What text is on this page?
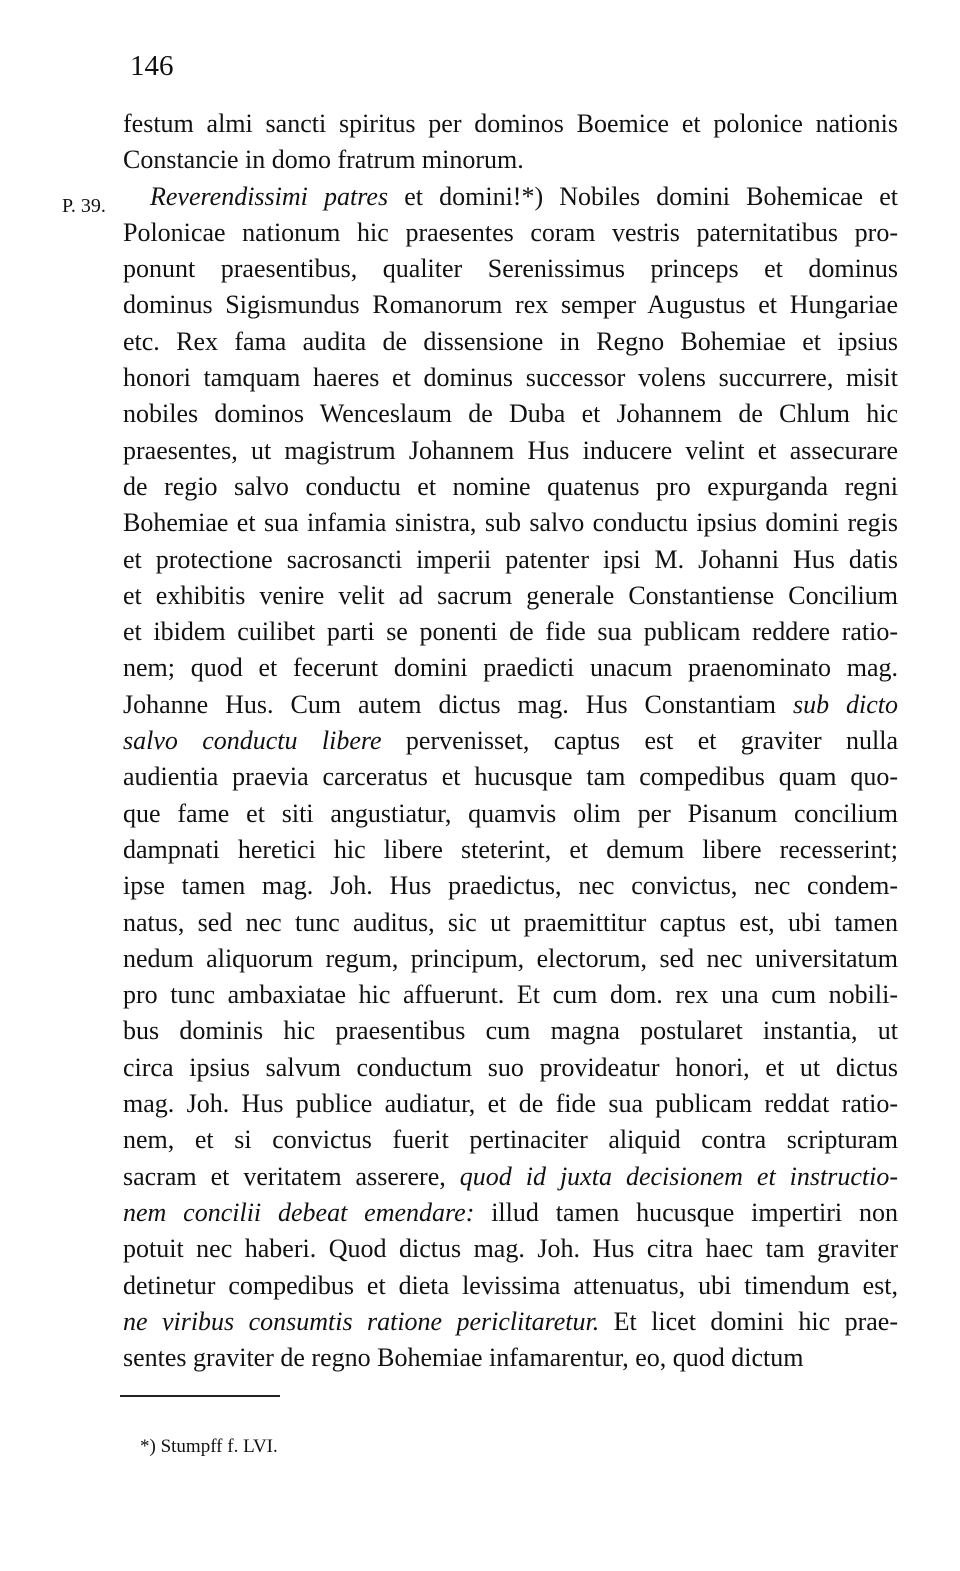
146
P. 39.
festum almi sancti spiritus per dominos Boemice et polonice nationis
Constancie in domo fratrum minorum.
Reverendissimi patres et domini!*) Nobiles domini Bohemicae et
Polonicae nationum hic praesentes coram vestris paternitatibus pro-
ponunt praesentibus, qualiter Serenissimus princeps et dominus
dominus Sigismundus Romanorum rex semper Augustus et Hungariae
etc. Rex fama audita de dissensione in Regno Bohemiae et ipsius
honori tamquam haeres et dominus successor volens succurrere, misit
nobiles dominos Wenceslaum de Duba et Johannem de Chlum hic
praesentes, ut magistrum Johannem Hus inducere velint et assecurare
de regio salvo conductu et nomine quatenus pro expurganda regni
Bohemiae et sua infamia sinistra, sub salvo conductu ipsius domini regis
et protectione sacrosancti imperii patenter ipsi M. Johanni Hus datis
et exhibitis venire velit ad sacrum generale Constantiense Concilium
et ibidem cuilibet parti se ponenti de fide sua publicam reddere ratio-
nem; quod et fecerunt domini praedicti unacum praenominato mag.
Johanne Hus. Cum autem dictus mag. Hus Constantiam sub dicto
salvo conductu libere pervenisset, captus est et graviter nulla
audientia praevia carceratus et hucusque tam compedibus quam quo-
que fame et siti angustiatur, quamvis olim per Pisanum concilium
dampnati heretici hic libere steterint, et demum libere recesserint;
ipse tamen mag. Joh. Hus praedictus, nec convictus, nec condem-
natus, sed nec tunc auditus, sic ut praemittitur captus est, ubi tamen
nedum aliquorum regum, principum, electorum, sed nec universitatum
pro tunc ambaxiatae hic affuerunt. Et cum dom. rex una cum nobili-
bus dominis hic praesentibus cum magna postularet instantia, ut
circa ipsius salvum conductum suo provideatur honori, et ut dictus
mag. Joh. Hus publice audiatur, et de fide sua publicam reddat ratio-
nem, et si convictus fuerit pertinaciter aliquid contra scripturam
sacram et veritatem asserere, quod id juxta decisionem et instructio-
nem concilii debeat emendare: illud tamen hucusque impertiri non
potuit nec haberi. Quod dictus mag. Joh. Hus citra haec tam graviter
detinetur compedibus et dieta levissima attenuatus, ubi timendum est,
ne viribus consumtis ratione periclitaretur. Et licet domini hic prae-
sentes graviter de regno Bohemiae infamarentur, eo, quod dictum
*) Stumpff f. LVI.
